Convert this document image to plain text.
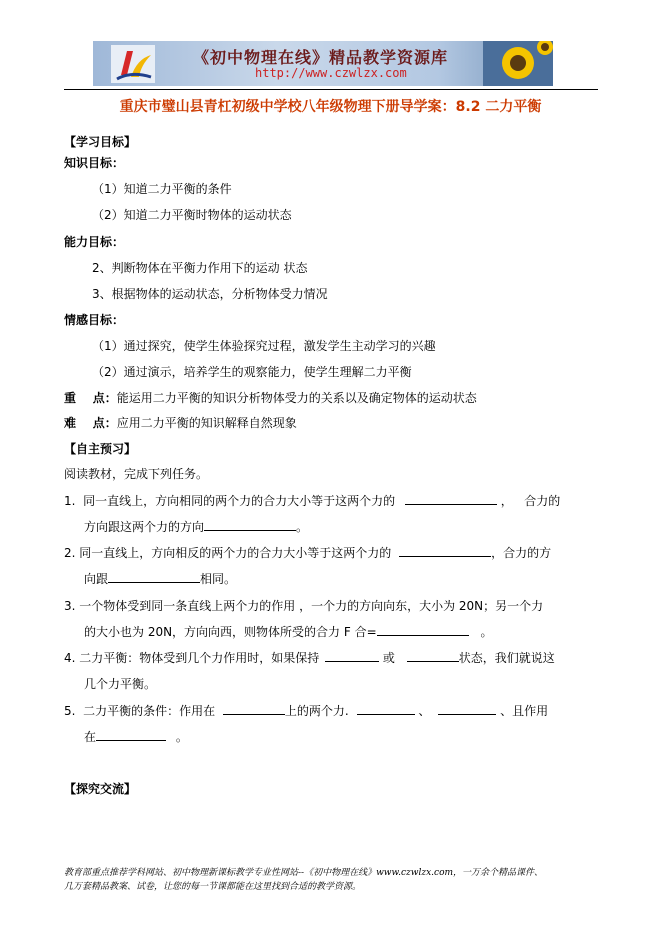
《初中物理在线》精品教学资源库
http://www.czwlzx.com
重庆市璧山县青杠初级中学校八年级物理下册导学案：8.2 二力平衡
【学习目标】
知识目标：
（1）知道二力平衡的条件
（2）知道二力平衡时物体的运动状态
能力目标：
2、判断物体在平衡力作用下的运动 状态
3、根据物体的运动状态，分析物体受力情况
情感目标：
（1）通过探究，使学生体验探究过程，激发学生主动学习的兴趣
（2）通过演示，培养学生的观察能力，使学生理解二力平衡
重    点：能运用二力平衡的知识分析物体受力的关系以及确定物体的运动状态
难    点：应用二力平衡的知识解释自然现象
【自主预习】
阅读教材，完成下列任务。
1.  同一直线上，方向相同的两个力的合力大小等于这两个力的	，   合力的
方向跟这两个力的方向	。
2. 同一直线上，方向相反的两个力的合力大小等于这两个力的	，合力的方
向跟	相同。
3. 一个物体受到同一条直线上两个力的作用 ，一个力的方向向东，大小为 20N；另一个力
的大小也为 20N，方向向西，则物体所受的合力 F 合=	。
4. 二力平衡：物体受到几个力作用时，如果保持	或	状态，我们就说这
几个力平衡。
5.  二力平衡的条件：作用在	上的两个力.	、	、且作用
在	。
【探究交流】
教育部重点推荐学科网站、初中物理新课标教学专业性网站--《初中物理在线》www.czwlzx.com，一万余个精品课件、
几万套精品教案、试卷，让您的每一节课都能在这里找到合适的教学资源。
